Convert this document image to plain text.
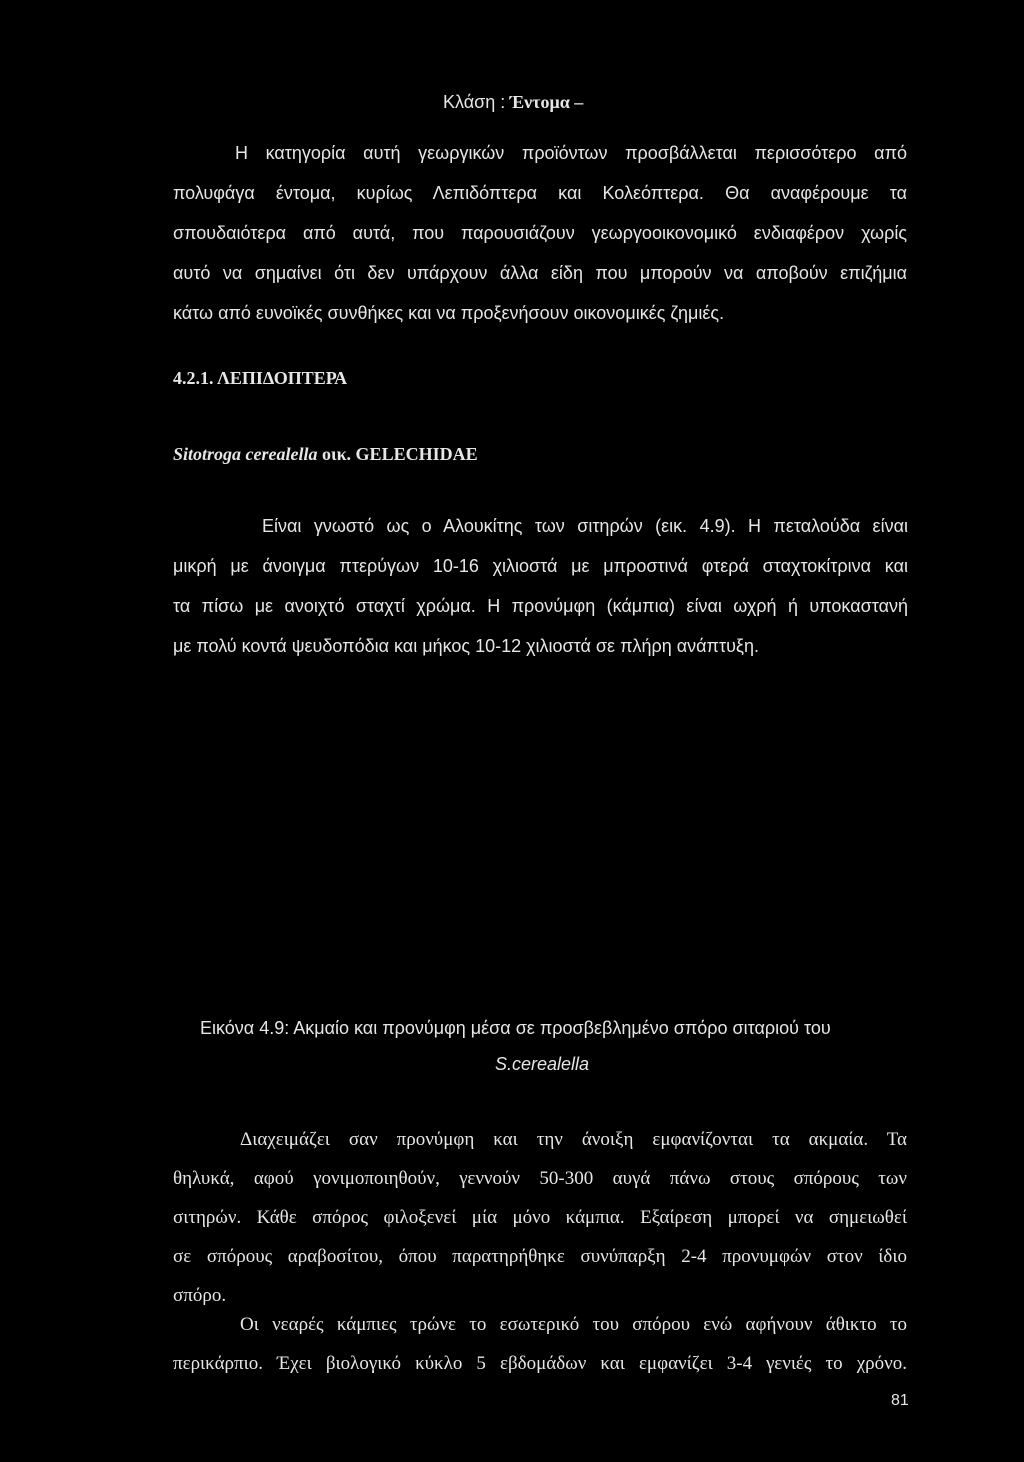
Κλάση : Έντομα –
Η κατηγορία αυτή γεωργικών προϊόντων προσβάλλεται περισσότερο από
πολυφάγα έντομα, κυρίως Λεπιδόπτερα και Κολεόπτερα. Θα αναφέρουμε τα
σπουδαιότερα από αυτά, που παρουσιάζουν γεωργοοικονομικό ενδιαφέρον χωρίς
αυτό να σημαίνει ότι δεν υπάρχουν άλλα είδη που μπορούν να αποβούν επιζήμια
κάτω από ευνοϊκές συνθήκες και να προξενήσουν οικονομικές ζημιές.
4.2.1. ΛΕΠΙΔΟΠΤΕΡΑ
Sitotroga cerealella οικ. GELECHIDAE
Είναι γνωστό ως ο Αλουκίτης των σιτηρών (εικ. 4.9). Η πεταλούδα είναι
μικρή με άνοιγμα πτερύγων 10-16 χιλιοστά με μπροστινά φτερά σταχτοκίτρινα και
τα πίσω με ανοιχτό σταχτί χρώμα. Η προνύμφη (κάμπια) είναι ωχρή ή υποκαστανή
με πολύ κοντά ψευδοπόδια και μήκος 10-12 χιλιοστά σε πλήρη ανάπτυξη.
Εικόνα 4.9: Ακμαίο και προνύμφη μέσα σε προσβεβλημένο σπόρο σιταριού του
S.cerealella
Διαχειμάζει σαν προνύμφη και την άνοιξη εμφανίζονται τα ακμαία. Τα
θηλυκά, αφού γονιμοποιηθούν, γεννούν 50-300 αυγά πάνω στους σπόρους των
σιτηρών. Κάθε σπόρος φιλοξενεί μία μόνο κάμπια. Εξαίρεση μπορεί να σημειωθεί
σε σπόρους αραβοσίτου, όπου παρατηρήθηκε συνύπαρξη 2-4 προνυμφών στον ίδιο
σπόρο.
Οι νεαρές κάμπιες τρώνε το εσωτερικό του σπόρου ενώ αφήνουν άθικτο το
περικάρπιο. Έχει βιολογικό κύκλο 5 εβδομάδων και εμφανίζει 3-4 γενιές το χρόνο.
81
